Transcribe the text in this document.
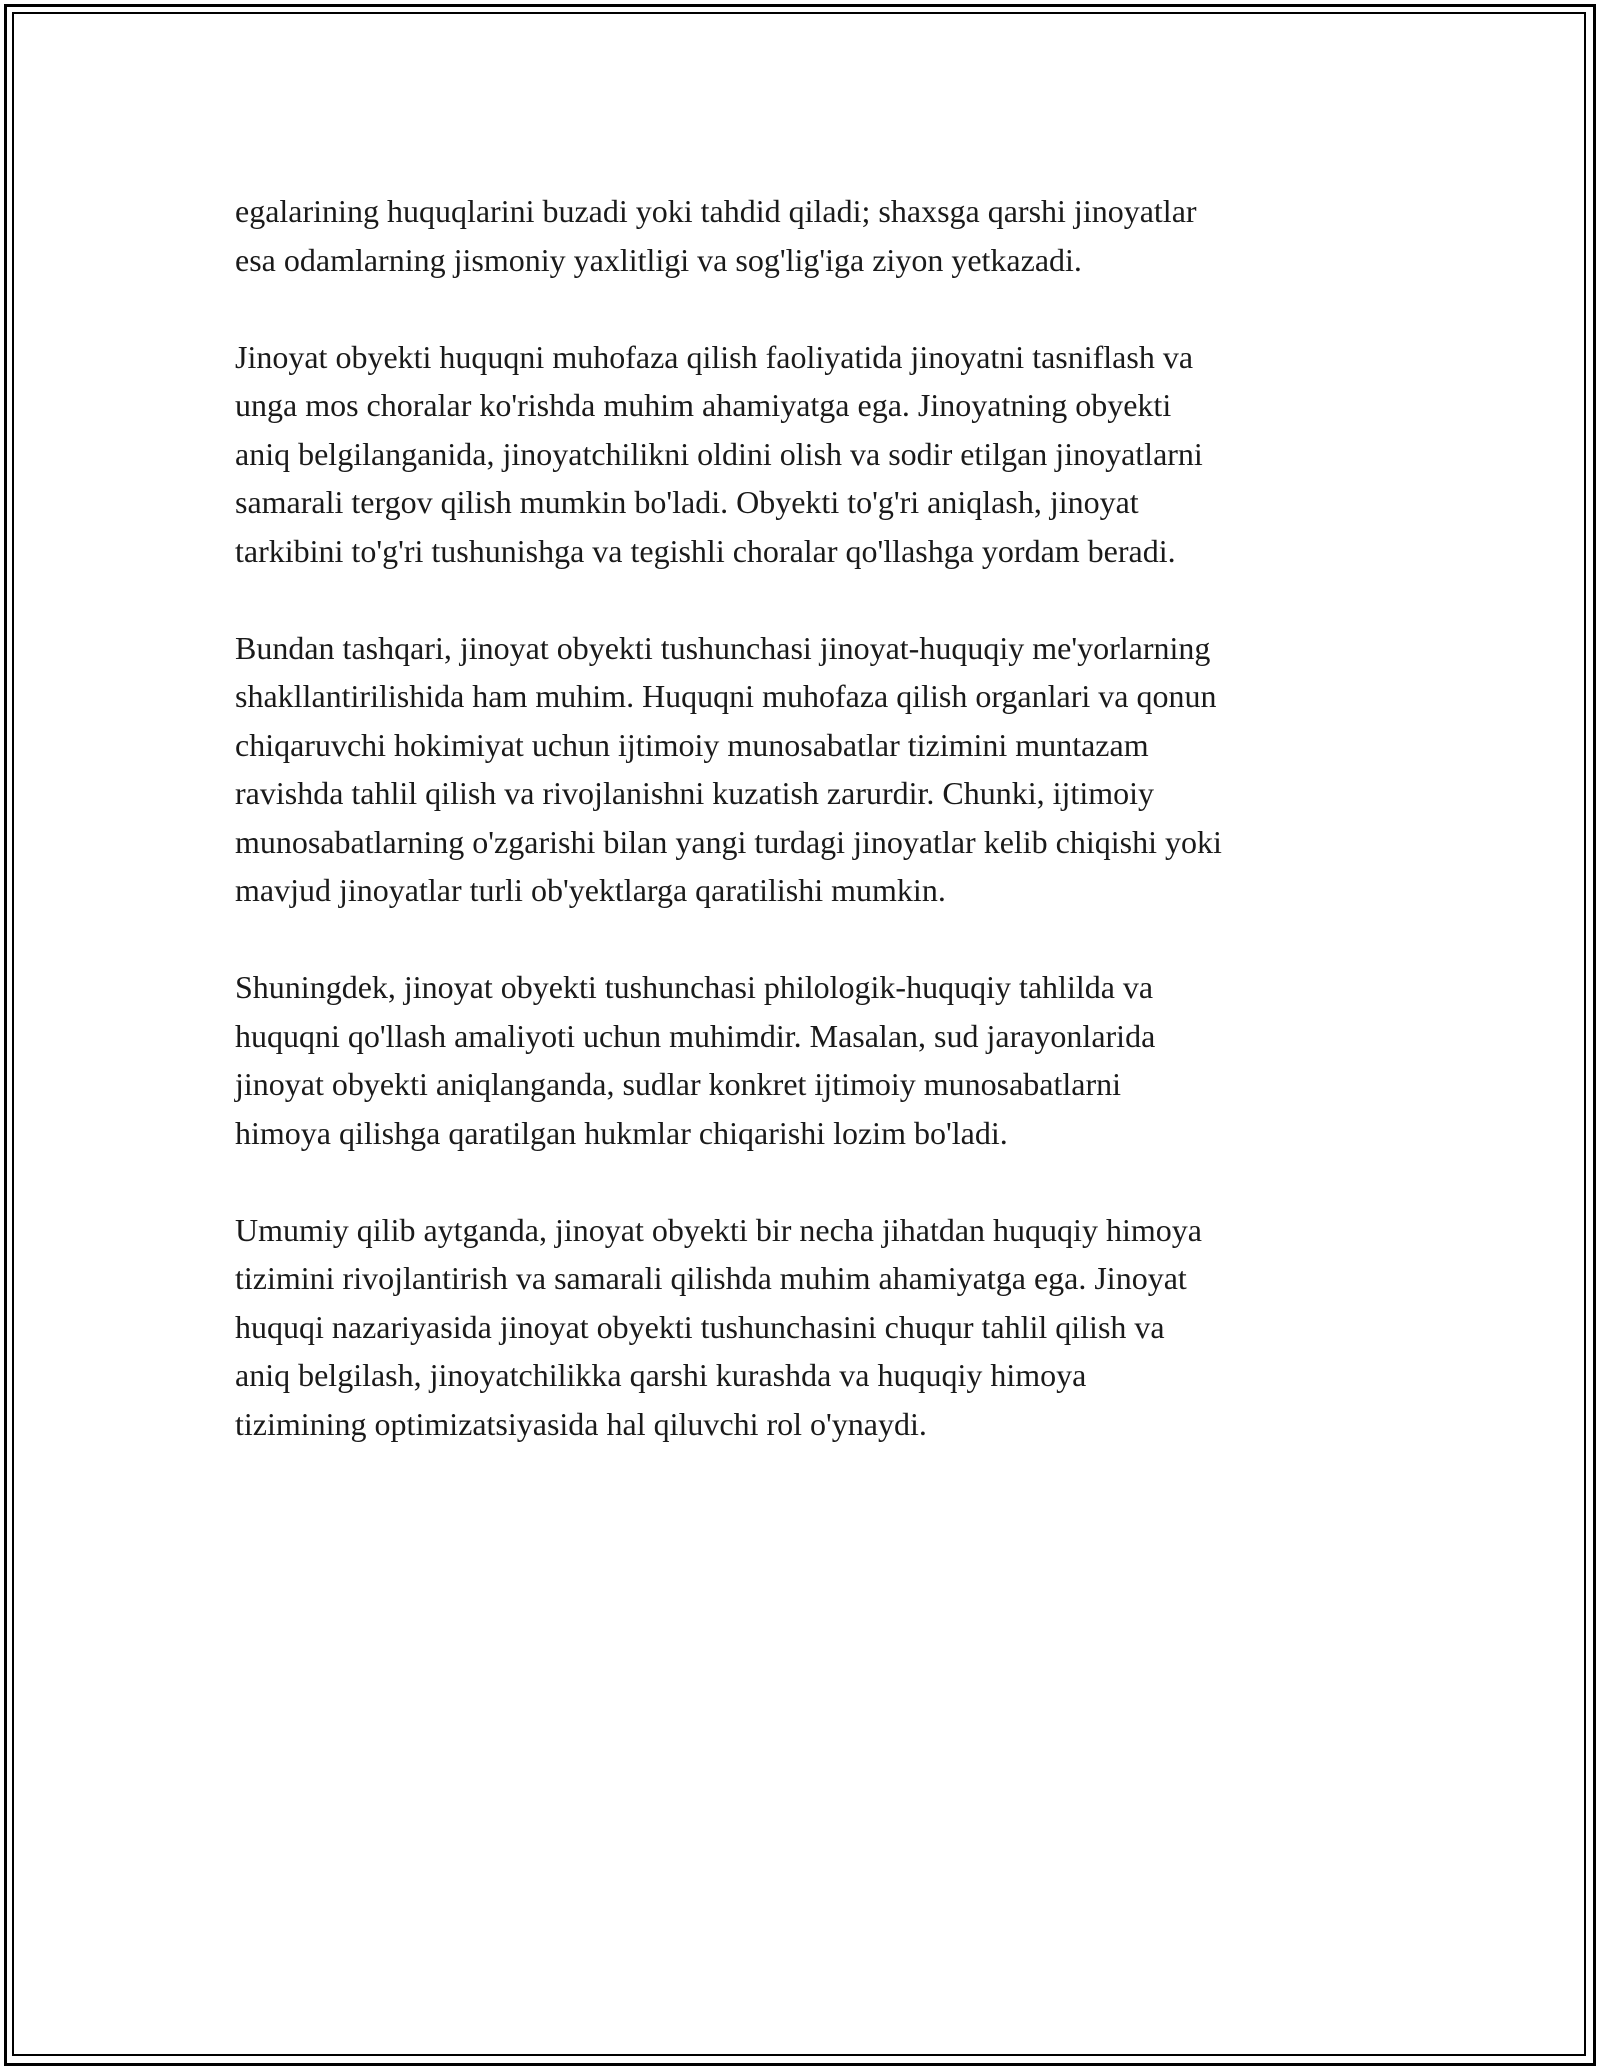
egalarining huquqlarini buzadi yoki tahdid qiladi; shaxsga qarshi jinoyatlar
esa odamlarning jismoniy yaxlitligi va sog'lig'iga ziyon yetkazadi.

Jinoyat obyekti huquqni muhofaza qilish faoliyatida jinoyatni tasniflash va
unga mos choralar ko'rishda muhim ahamiyatga ega. Jinoyatning obyekti
aniq belgilanganida, jinoyatchilikni oldini olish va sodir etilgan jinoyatlarni
samarali tergov qilish mumkin bo'ladi. Obyekti to'g'ri aniqlash, jinoyat
tarkibini to'g'ri tushunishga va tegishli choralar qo'llashga yordam beradi.

Bundan tashqari, jinoyat obyekti tushunchasi jinoyat-huquqiy me'yorlarning
shakllantirilishida ham muhim. Huquqni muhofaza qilish organlari va qonun
chiqaruvchi hokimiyat uchun ijtimoiy munosabatlar tizimini muntazam
ravishda tahlil qilish va rivojlanishni kuzatish zarurdir. Chunki, ijtimoiy
munosabatlarning o'zgarishi bilan yangi turdagi jinoyatlar kelib chiqishi yoki
mavjud jinoyatlar turli ob'yektlarga qaratilishi mumkin.

Shuningdek, jinoyat obyekti tushunchasi philologik-huquqiy tahlilda va
huquqni qo'llash amaliyoti uchun muhimdir. Masalan, sud jarayonlarida
jinoyat obyekti aniqlanganda, sudlar konkret ijtimoiy munosabatlarni
himoya qilishga qaratilgan hukmlar chiqarishi lozim bo'ladi.

Umumiy qilib aytganda, jinoyat obyekti bir necha jihatdan huquqiy himoya
tizimini rivojlantirish va samarali qilishda muhim ahamiyatga ega. Jinoyat
huquqi nazariyasida jinoyat obyekti tushunchasini chuqur tahlil qilish va
aniq belgilash, jinoyatchilikka qarshi kurashda va huquqiy himoya
tizimining optimizatsiyasida hal qiluvchi rol o'ynaydi.
